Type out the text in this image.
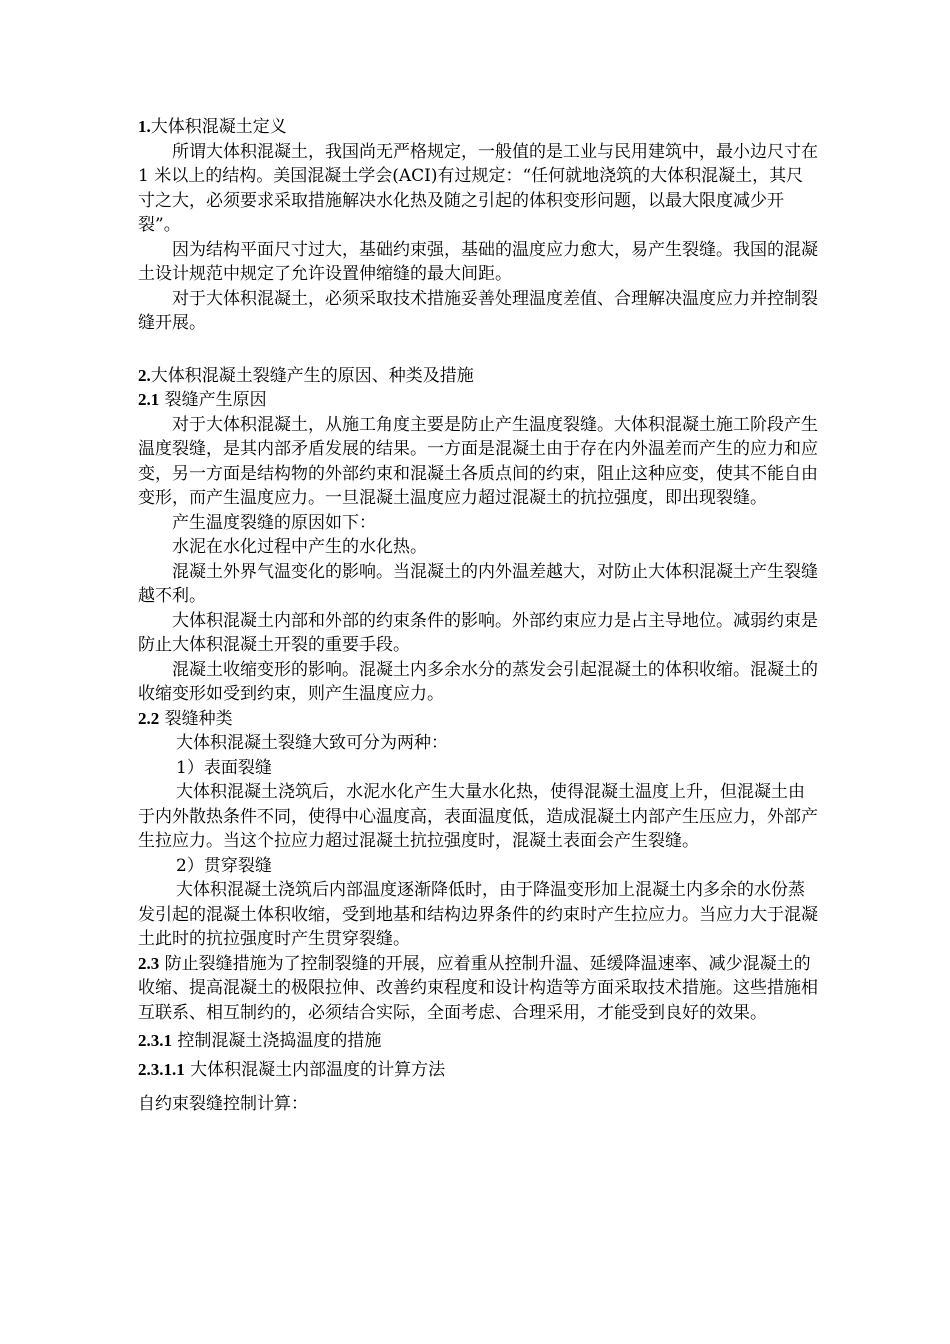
1.大体积混凝土定义

所谓大体积混凝土，我国尚无严格规定，一般值的是工业与民用建筑中，最小边尺寸在 1 米以上的结构。美国混凝土学会(ACI)有过规定：“任何就地浇筑的大体积混凝土，其尺寸之大，必须要求采取措施解决水化热及随之引起的体积变形问题，以最大限度减少开裂”。

因为结构平面尺寸过大，基础约束强，基础的温度应力愈大，易产生裂缝。我国的混凝土设计规范中规定了允许设置伸缩缝的最大间距。

对于大体积混凝土，必须采取技术措施妥善处理温度差值、合理解决温度应力并控制裂缝开展。

2.大体积混凝土裂缝产生的原因、种类及措施

2.1 裂缝产生原因

对于大体积混凝土，从施工角度主要是防止产生温度裂缝。大体积混凝土施工阶段产生温度裂缝，是其内部矛盾发展的结果。一方面是混凝土由于存在内外温差而产生的应力和应变，另一方面是结构物的外部约束和混凝土各质点间的约束，阻止这种应变，使其不能自由变形，而产生温度应力。一旦混凝土温度应力超过混凝土的抗拉强度，即出现裂缝。

产生温度裂缝的原因如下：

水泥在水化过程中产生的水化热。

混凝土外界气温变化的影响。当混凝土的内外温差越大，对防止大体积混凝土产生裂缝越不利。

大体积混凝土内部和外部的约束条件的影响。外部约束应力是占主导地位。减弱约束是防止大体积混凝土开裂的重要手段。

混凝土收缩变形的影响。混凝土内多余水分的蒸发会引起混凝土的体积收缩。混凝土的收缩变形如受到约束，则产生温度应力。

2.2 裂缝种类

大体积混凝土裂缝大致可分为两种：

1）表面裂缝

大体积混凝土浇筑后，水泥水化产生大量水化热，使得混凝土温度上升，但混凝土由于内外散热条件不同，使得中心温度高，表面温度低，造成混凝土内部产生压应力，外部产生拉应力。当这个拉应力超过混凝土抗拉强度时，混凝土表面会产生裂缝。

2）贯穿裂缝

大体积混凝土浇筑后内部温度逐渐降低时，由于降温变形加上混凝土内多余的水份蒸发引起的混凝土体积收缩，受到地基和结构边界条件的约束时产生拉应力。当应力大于混凝土此时的抗拉强度时产生贯穿裂缝。

2.3 防止裂缝措施为了控制裂缝的开展，应着重从控制升温、延缓降温速率、减少混凝土的收缩、提高混凝土的极限拉伸、改善约束程度和设计构造等方面采取技术措施。这些措施相互联系、相互制约的，必须结合实际，全面考虑、合理采用，才能受到良好的效果。

2.3.1 控制混凝土浇捣温度的措施

2.3.1.1 大体积混凝土内部温度的计算方法

自约束裂缝控制计算：
